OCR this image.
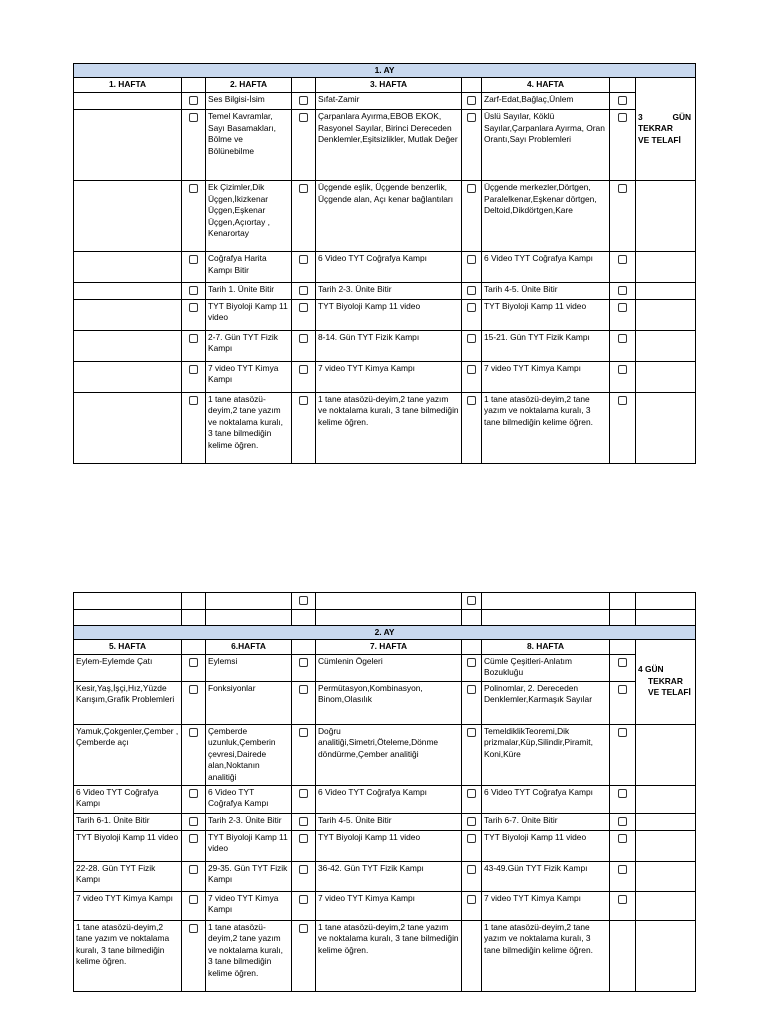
1. AY									
1. HAFTA		2. HAFTA		3. HAFTA		4. HAFTA		3 GÜN
TEKRAR
VE TELAFİ	

		Ses Bilgisi-İsim		Sıfat-Zamir		Zarf-Edat,Bağlaç,Ünlem			
		Temel Kavramlar, Sayı Basamakları, Bölme ve Bölünebilme		Çarpanlara Ayırma,EBOB EKOK, Rasyonel Sayılar, Birinci Dereceden Denklemler,Eşitsizlikler, Mutlak Değer		Üslü Sayılar, Köklü Sayılar,Çarpanlara Ayırma, Oran Orantı,Sayı Problemleri			
		Ek Çizimler,Dik Üçgen,İkizkenar Üçgen,Eşkenar Üçgen,Açıortay , Kenarortay		Üçgende eşlik, Üçgende benzerlik, Üçgende alan, Açı kenar bağlantıları		Üçgende merkezler,Dörtgen, Paralelkenar,Eşkenar dörtgen, Deltoid,Dikdörtgen,Kare			
		Coğrafya Harita Kampı Bitir		6 Video TYT Coğrafya Kampı		6 Video TYT Coğrafya Kampı			
		Tarih 1. Ünite Bitir		Tarih 2-3. Ünite Bitir		Tarih 4-5. Ünite Bitir			
		TYT Biyoloji Kamp 11 video		TYT Biyoloji Kamp 11 video		TYT Biyoloji Kamp 11 video			
		2-7. Gün TYT Fizik Kampı		8-14. Gün TYT Fizik Kampı		15-21. Gün TYT Fizik Kampı			
		7 video TYT Kimya Kampı		7 video TYT Kimya Kampı		7 video TYT Kimya Kampı			
		1 tane atasözü-deyim,2 tane yazım ve noktalama kuralı, 3 tane bilmediğin kelime öğren.		1 tane atasözü-deyim,2 tane yazım ve noktalama kuralı, 3 tane bilmediğin kelime öğren.		1 tane atasözü-deyim,2 tane yazım ve noktalama kuralı, 3 tane bilmediğin kelime öğren.			

2. AY								
5. HAFTA		6.HAFTA		7. HAFTA		8. HAFTA		4 GÜN
TEKRAR
VE TELAFİ

Eylem-Eylemde Çatı		Eylemsi		Cümlenin Ögeleri		Cümle Çeşitleri-Anlatım Bozukluğu		
Kesir,Yaş,İşçi,Hız,Yüzde Karışım,Grafik Problemleri		Fonksiyonlar		Permütasyon,Kombinasyon, Binom,Olasılık		Polinomlar, 2. Dereceden Denklemler,Karmaşık Sayılar		
Yamuk,Çokgenler,Çember , Çemberde açı		Çemberde uzunluk,Çemberin çevresi,Dairede alan,Noktanın analitiği		Doğru analitiği,Simetri,Öteleme,Dönme döndürme,Çember analitiği		TemeldiklikTeoremi,Dik prizmalar,Küp,Silindir,Piramit, Koni,Küre		
6 Video TYT Coğrafya Kampı		6 Video TYT Coğrafya Kampı		6 Video TYT Coğrafya Kampı		6 Video TYT Coğrafya Kampı		
Tarih 6-1. Ünite Bitir		Tarih 2-3. Ünite Bitir		Tarih 4-5. Ünite Bitir		Tarih 6-7. Ünite Bitir		
TYT Biyoloji Kamp 11 video		TYT Biyoloji Kamp 11 video		TYT Biyoloji Kamp 11 video		TYT Biyoloji Kamp 11 video		
22-28. Gün TYT Fizik Kampı		29-35. Gün TYT Fizik Kampı		36-42. Gün TYT Fizik Kampı		43-49.Gün TYT Fizik Kampı		
7 video TYT Kimya Kampı		7 video TYT Kimya Kampı		7 video TYT Kimya Kampı		7 video TYT Kimya Kampı		
1 tane atasözü-deyim,2 tane yazım ve noktalama kuralı, 3 tane bilmediğin kelime öğren.		1 tane atasözü-deyim,2 tane yazım ve noktalama kuralı, 3 tane bilmediğin kelime öğren.		1 tane atasözü-deyim,2 tane yazım ve noktalama kuralı, 3 tane bilmediğin kelime öğren.		1 tane atasözü-deyim,2 tane yazım ve noktalama kuralı, 3 tane bilmediğin kelime öğren.		
